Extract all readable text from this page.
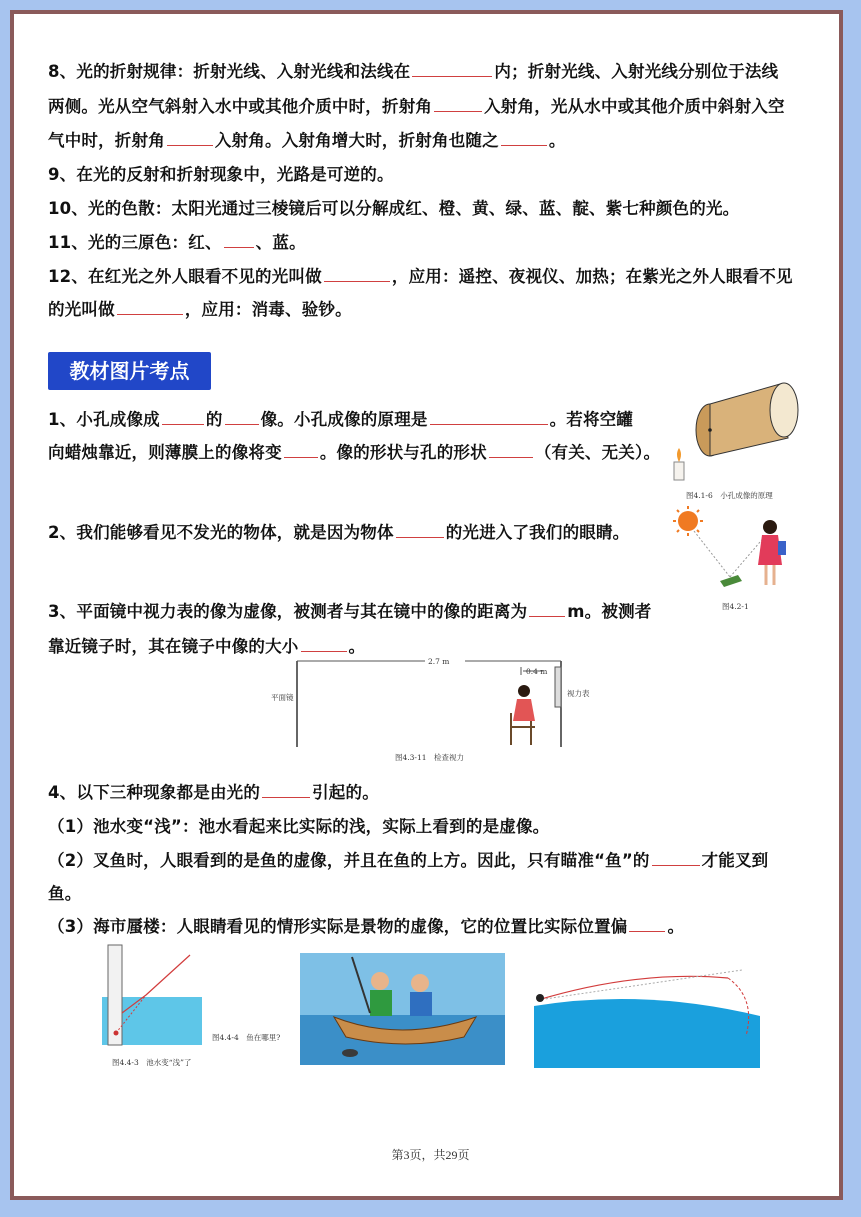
8、光的折射规律：折射光线、入射光线和法线在	内；折射光线、入射光线分别位于法线
两侧。光从空气斜射入水中或其他介质中时，折射角	入射角，光从水中或其他介质中斜射入空
气中时，折射角	入射角。入射角增大时，折射角也随之	。
9、在光的反射和折射现象中，光路是可逆的。
10、光的色散：太阳光通过三棱镜后可以分解成红、橙、黄、绿、蓝、靛、紫七种颜色的光。
11、光的三原色：红、 、蓝。
12、在红光之外人眼看不见的光叫做	，应用：遥控、夜视仪、加热；在紫光之外人眼看不见
的光叫做	，应用：消毒、验钞。
教材图片考点
1、小孔成像成	的 像。小孔成像的原理是	。若将空罐
向蜡烛靠近，则薄膜上的像将变 。像的形状与孔的形状	（有关、无关）。
图4.1-6　小孔成像的原理
2、我们能够看见不发光的物体，就是因为物体	的光进入了我们的眼睛。
图4.2-1
3、平面镜中视力表的像为虚像，被测者与其在镜中的像的距离为 m。被测者
靠近镜子时，其在镜子中像的大小	。
2.7 m
0.4 m
平面镜	视力表
图4.3-11　检查视力
4、以下三种现象都是由光的	引起的。
（1）池水变“浅”：池水看起来比实际的浅，实际上看到的是虚像。
（2）叉鱼时，人眼看到的是鱼的虚像，并且在鱼的上方。因此，只有瞄准“鱼”的	才能叉到
鱼。
（3）海市蜃楼：人眼睛看见的情形实际是景物的虚像，它的位置比实际位置偏 。
图4.4-3　池水变“浅”了
图4.4-4　鱼在哪里?
第3页，共29页
